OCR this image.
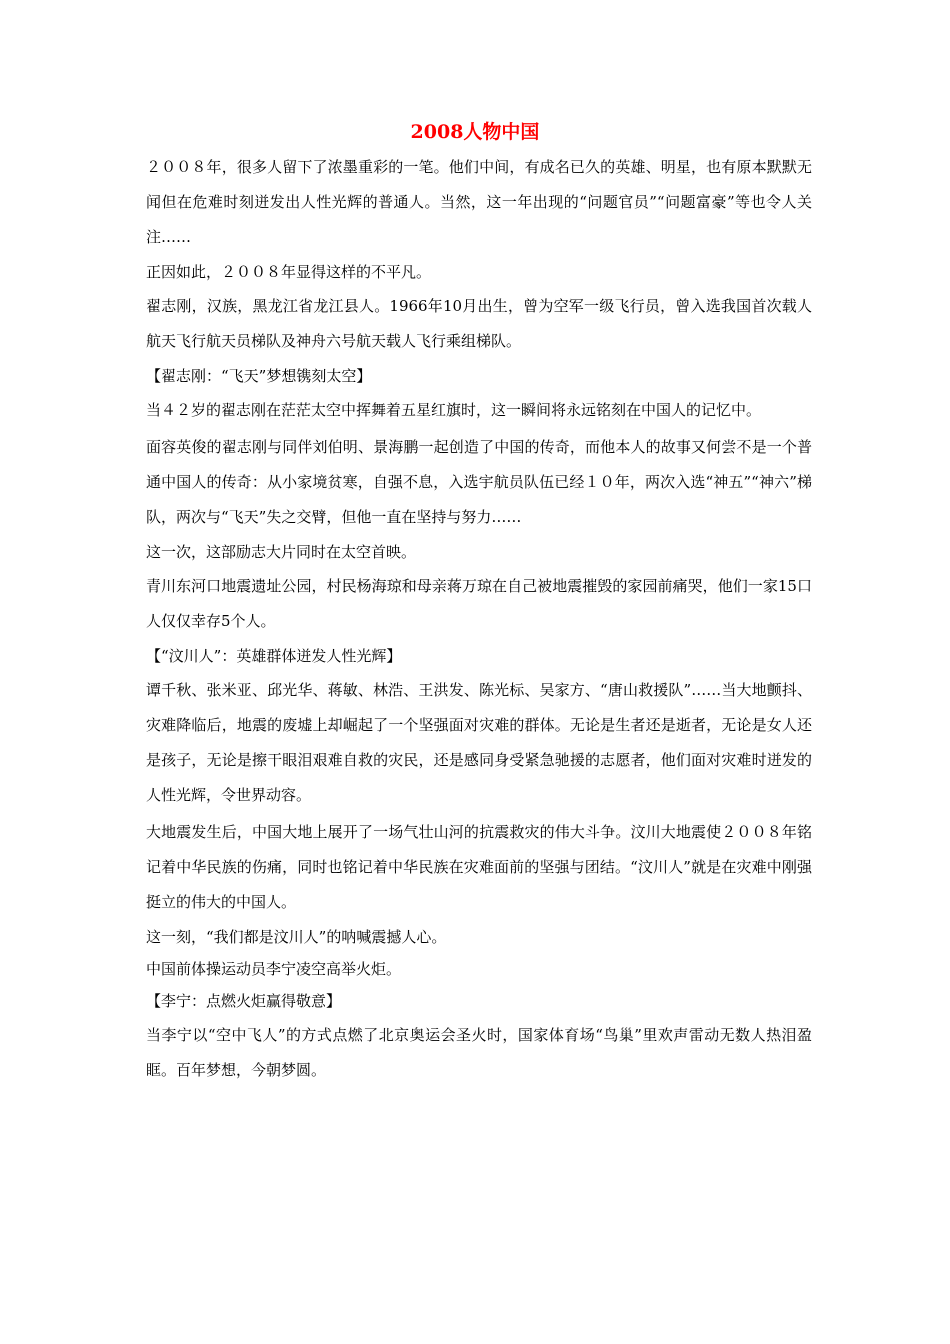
2008人物中国

２００８年，很多人留下了浓墨重彩的一笔。他们中间，有成名已久的英雄、明星，也有原本默默无闻但在危难时刻迸发出人性光辉的普通人。当然，这一年出现的“问题官员”“问题富豪”等也令人关注……

正因如此，２００８年显得这样的不平凡。

翟志刚，汉族，黑龙江省龙江县人。1966年10月出生，曾为空军一级飞行员，曾入选我国首次载人航天飞行航天员梯队及神舟六号航天载人飞行乘组梯队。

【翟志刚：“飞天”梦想镌刻太空】

当４２岁的翟志刚在茫茫太空中挥舞着五星红旗时，这一瞬间将永远铭刻在中国人的记忆中。

面容英俊的翟志刚与同伴刘伯明、景海鹏一起创造了中国的传奇，而他本人的故事又何尝不是一个普通中国人的传奇：从小家境贫寒，自强不息，入选宇航员队伍已经１０年，两次入选“神五”“神六”梯队，两次与“飞天”失之交臂，但他一直在坚持与努力……

这一次，这部励志大片同时在太空首映。

青川东河口地震遗址公园，村民杨海琼和母亲蒋万琼在自己被地震摧毁的家园前痛哭，他们一家15口人仅仅幸存5个人。

【“汶川人”：英雄群体迸发人性光辉】

谭千秋、张米亚、邱光华、蒋敏、林浩、王洪发、陈光标、吴家方、“唐山救援队”……当大地颤抖、灾难降临后，地震的废墟上却崛起了一个坚强面对灾难的群体。无论是生者还是逝者，无论是女人还是孩子，无论是擦干眼泪艰难自救的灾民，还是感同身受紧急驰援的志愿者，他们面对灾难时迸发的人性光辉，令世界动容。

大地震发生后，中国大地上展开了一场气壮山河的抗震救灾的伟大斗争。汶川大地震使２００８年铭记着中华民族的伤痛，同时也铭记着中华民族在灾难面前的坚强与团结。“汶川人”就是在灾难中刚强挺立的伟大的中国人。

这一刻，“我们都是汶川人”的呐喊震撼人心。

中国前体操运动员李宁凌空高举火炬。

【李宁：点燃火炬赢得敬意】

当李宁以“空中飞人”的方式点燃了北京奥运会圣火时，国家体育场“鸟巢”里欢声雷动无数人热泪盈眶。百年梦想，今朝梦圆。
